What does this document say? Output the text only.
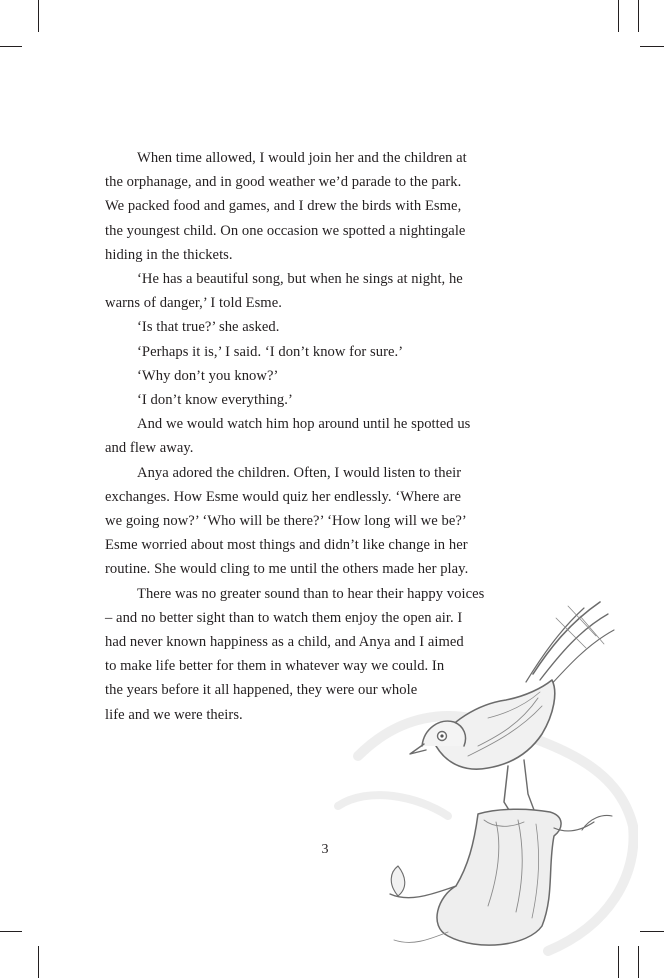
When time allowed, I would join her and the children at
the orphanage, and in good weather we’d parade to the park.
We packed food and games, and I drew the birds with Esme,
the youngest child. On one occasion we spotted a nightingale
hiding in the thickets.

‘He has a beautiful song, but when he sings at night, he
warns of danger,’ I told Esme.

‘Is that true?’ she asked.

‘Perhaps it is,’ I said. ‘I don’t know for sure.’

‘Why don’t you know?’

‘I don’t know everything.’

And we would watch him hop around until he spotted us
and flew away.

Anya adored the children. Often, I would listen to their
exchanges. How Esme would quiz her endlessly. ‘Where are
we going now?’ ‘Who will be there?’ ‘How long will we be?’
Esme worried about most things and didn’t like change in her
routine. She would cling to me until the others made her play.

There was no greater sound than to hear their happy voices
– and no better sight than to watch them enjoy the open air. I
had never known happiness as a child, and Anya and I aimed
to make life better for them in whatever way we could. In
the years before it all happened, they were our whole
life and we were theirs.

3
